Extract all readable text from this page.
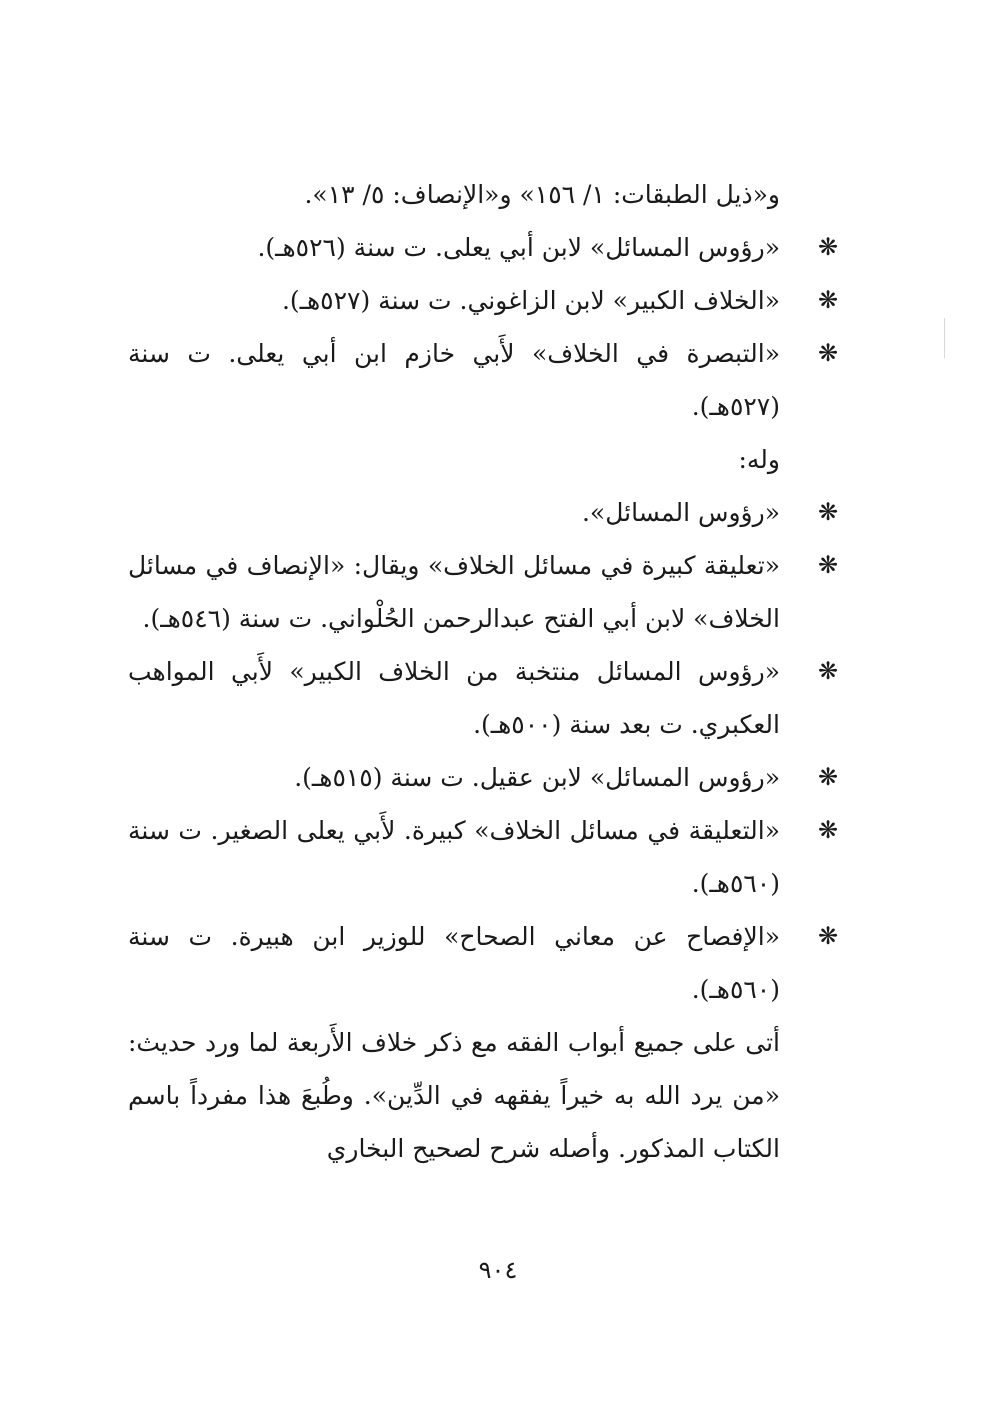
و«ذيل الطبقات: ١/ ١٥٦» و«الإنصاف: ٥/ ١٣».

❋
«رؤوس المسائل» لابن أبي يعلى. ت سنة (٥٢٦هـ).
❋
«الخلاف الكبير» لابن الزاغوني. ت سنة (٥٢٧هـ).
❋
«التبصرة في الخلاف» لأَبي خازم ابن أبي يعلى. ت سنة (٥٢٧هـ).

وله:

❋
«رؤوس المسائل».
❋
«تعليقة كبيرة في مسائل الخلاف» ويقال: «الإنصاف في مسائل الخلاف» لابن أبي الفتح عبدالرحمن الحُلْواني. ت سنة (٥٤٦هـ).
❋
«رؤوس المسائل منتخبة من الخلاف الكبير» لأَبي المواهب العكبري. ت بعد سنة (٥٠٠هـ).
❋
«رؤوس المسائل» لابن عقيل. ت سنة (٥١٥هـ).
❋
«التعليقة في مسائل الخلاف» كبيرة. لأَبي يعلى الصغير. ت سنة (٥٦٠هـ).
❋
«الإفصاح عن معاني الصحاح» للوزير ابن هبيرة. ت سنة (٥٦٠هـ).

أتى على جميع أبواب الفقه مع ذكر خلاف الأَربعة لما ورد حديث: «من يرد الله به خيراً يفقهه في الدِّين». وطُبعَ هذا مفرداً باسم الكتاب المذكور. وأصله شرح لصحيح البخاري

٩٠٤
